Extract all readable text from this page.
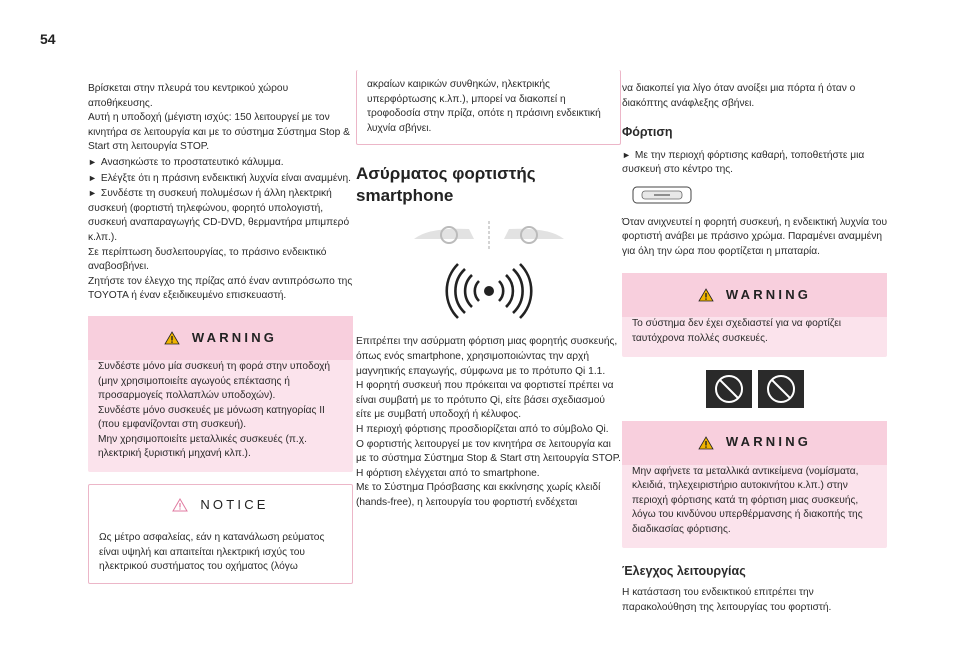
54

Βρίσκεται στην πλευρά του κεντρικού χώρου αποθήκευσης.

Αυτή η υποδοχή (μέγιστη ισχύς: 150 λειτουργεί με τον κινητήρα σε λειτουργία και με το σύστημα Σύστημα Stop & Start στη λειτουργία STOP.

► Ανασηκώστε το προστατευτικό κάλυμμα.

► Ελέγξτε ότι η πράσινη ενδεικτική λυχνία είναι αναμμένη.

► Συνδέστε τη συσκευή πολυμέσων ή άλλη ηλεκτρική συσκευή (φορτιστή τηλεφώνου, φορητό υπολογιστή, συσκευή αναπαραγωγής CD-DVD, θερμαντήρα μπιμπερό κ.λπ.).

Σε περίπτωση δυσλειτουργίας, το πράσινο ενδεικτικό αναβοσβήνει.
Ζητήστε τον έλεγχο της πρίζας από έναν αντιπρόσωπο της TOYOTA ή έναν εξειδικευμένο επισκευαστή.

WARNING
Συνδέστε μόνο μία συσκευή τη φορά στην υποδοχή (μην χρησιμοποιείτε αγωγούς επέκτασης ή προσαρμογείς πολλαπλών υποδοχών).
Συνδέστε μόνο συσκευές με μόνωση κατηγορίας II (που εμφανίζονται στη συσκευή).
Μην χρησιμοποιείτε μεταλλικές συσκευές (π.χ. ηλεκτρική ξυριστική μηχανή κλπ.).
NOTICE
Ως μέτρο ασφαλείας, εάν η κατανάλωση ρεύματος είναι υψηλή και απαιτείται ηλεκτρική ισχύς του ηλεκτρικού συστήματος του οχήματος (λόγω
ακραίων καιρικών συνθηκών, ηλεκτρικής υπερφόρτωσης κ.λπ.), μπορεί να διακοπεί η τροφοδοσία στην πρίζα, οπότε η πράσινη ενδεικτική λυχνία σβήνει.
Ασύρματος φορτιστής smartphone

Επιτρέπει την ασύρματη φόρτιση μιας φορητής συσκευής, όπως ενός smartphone, χρησιμοποιώντας την αρχή μαγνητικής επαγωγής, σύμφωνα με το πρότυπο Qi 1.1.
Η φορητή συσκευή που πρόκειται να φορτιστεί πρέπει να είναι συμβατή με το πρότυπο Qi, είτε βάσει σχεδιασμού είτε με συμβατή υποδοχή ή κέλυφος.
Η περιοχή φόρτισης προσδιορίζεται από το σύμβολο Qi.
Ο φορτιστής λειτουργεί με τον κινητήρα σε λειτουργία και με το σύστημα Σύστημα Stop & Start στη λειτουργία STOP.
Η φόρτιση ελέγχεται από το smartphone.
Με το Σύστημα Πρόσβασης και εκκίνησης χωρίς κλειδί (hands-free), η λειτουργία του φορτιστή ενδέχεται

να διακοπεί για λίγο όταν ανοίξει μια πόρτα ή όταν ο διακόπτης ανάφλεξης σβήνει.

Φόρτιση

► Με την περιοχή φόρτισης καθαρή, τοποθετήστε μια συσκευή στο κέντρο της.

Όταν ανιχνευτεί η φορητή συσκευή, η ενδεικτική λυχνία του φορτιστή ανάβει με πράσινο χρώμα. Παραμένει αναμμένη για όλη την ώρα που φορτίζεται η μπαταρία.

WARNING
Το σύστημα δεν έχει σχεδιαστεί για να φορτίζει ταυτόχρονα πολλές συσκευές.
WARNING
Μην αφήνετε τα μεταλλικά αντικείμενα (νομίσματα, κλειδιά, τηλεχειριστήριο αυτοκινήτου κ.λπ.) στην περιοχή φόρτισης κατά τη φόρτιση μιας συσκευής, λόγω του κινδύνου υπερθέρμανσης ή διακοπής της διαδικασίας φόρτισης.
Έλεγχος λειτουργίας

Η κατάσταση του ενδεικτικού επιτρέπει την παρακολούθηση της λειτουργίας του φορτιστή.
